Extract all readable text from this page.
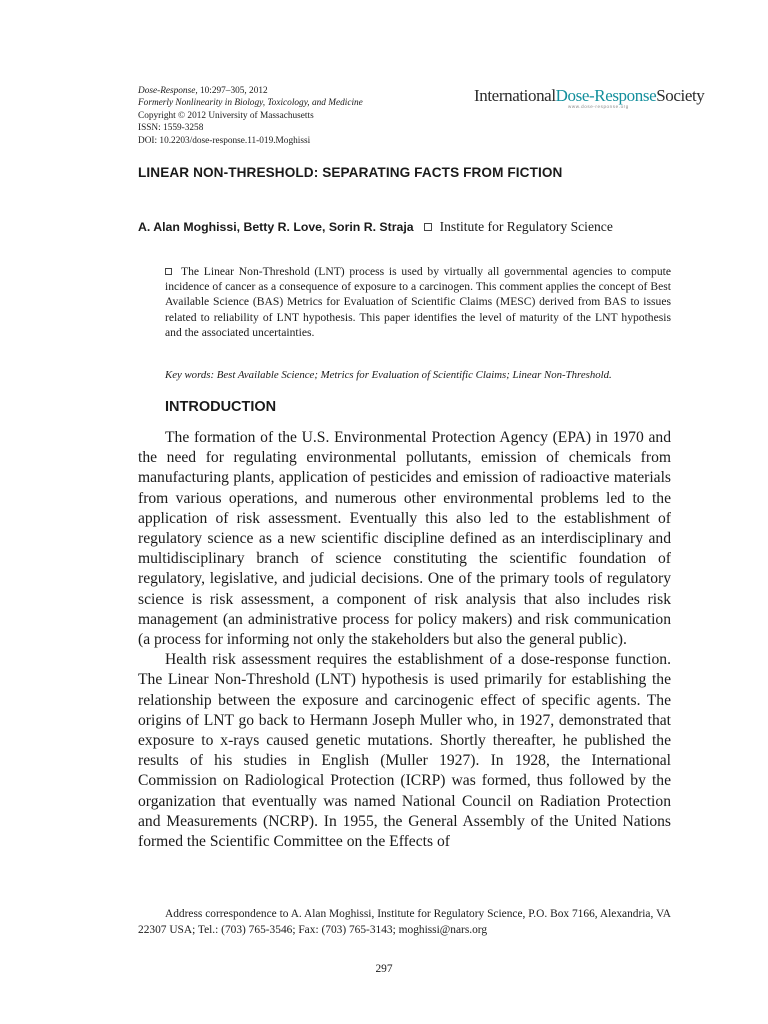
Dose-Response, 10:297–305, 2012
Formerly Nonlinearity in Biology, Toxicology, and Medicine
Copyright © 2012 University of Massachusetts
ISSN: 1559-3258
DOI: 10.2203/dose-response.11-019.Moghissi
InternationalDose-ResponseSociety
www.dose-response.org
LINEAR NON-THRESHOLD: SEPARATING FACTS FROM FICTION
A. Alan Moghissi, Betty R. Love, Sorin R. Straja Institute for Regulatory Science
The Linear Non-Threshold (LNT) process is used by virtually all governmental agencies to compute incidence of cancer as a consequence of exposure to a carcinogen. This comment applies the concept of Best Available Science (BAS) Metrics for Evaluation of Scientific Claims (MESC) derived from BAS to issues related to reliability of LNT hypothesis. This paper identifies the level of maturity of the LNT hypothesis and the associated uncertainties.
Key words: Best Available Science; Metrics for Evaluation of Scientific Claims; Linear Non-Threshold.
INTRODUCTION

The formation of the U.S. Environmental Protection Agency (EPA) in 1970 and the need for regulating environmental pollutants, emission of chemicals from manufacturing plants, application of pesticides and emission of radioactive materials from various operations, and numerous other environmental problems led to the application of risk assessment. Eventually this also led to the establishment of regulatory science as a new scientific discipline defined as an interdisciplinary and multidisciplinary branch of science constituting the scientific foundation of regulatory, legislative, and judicial decisions. One of the primary tools of regulatory science is risk assessment, a component of risk analysis that also includes risk management (an administrative process for policy makers) and risk communication (a process for informing not only the stakeholders but also the general public).

Health risk assessment requires the establishment of a dose-response function. The Linear Non-Threshold (LNT) hypothesis is used primarily for establishing the relationship between the exposure and carcinogenic effect of specific agents. The origins of LNT go back to Hermann Joseph Muller who, in 1927, demonstrated that exposure to x-rays caused genetic mutations. Shortly thereafter, he published the results of his studies in English (Muller 1927). In 1928, the International Commission on Radiological Protection (ICRP) was formed, thus followed by the organization that eventually was named National Council on Radiation Protection and Measurements (NCRP). In 1955, the General Assembly of the United Nations formed the Scientific Committee on the Effects of

Address correspondence to A. Alan Moghissi, Institute for Regulatory Science, P.O. Box 7166, Alexandria, VA 22307 USA; Tel.: (703) 765-3546; Fax: (703) 765-3143; moghissi@nars.org
297
